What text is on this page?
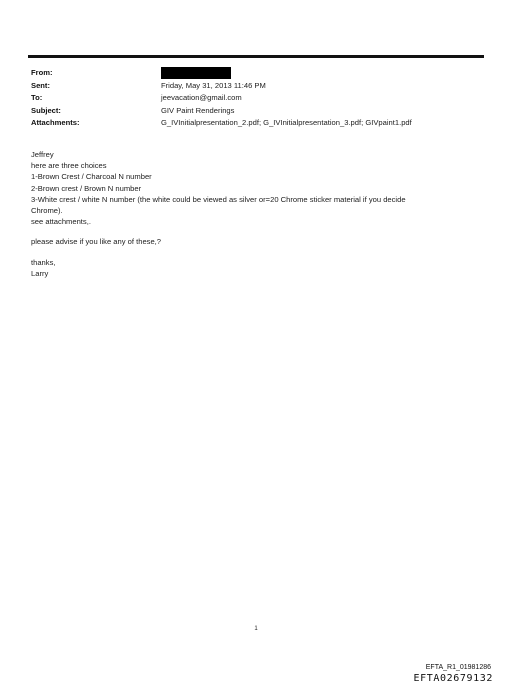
From:
Sent:	Friday, May 31, 2013 11:46 PM
To:	jeevacation@gmail.com
Subject:	GIV Paint Renderings
Attachments:	G_IVInitialpresentation_2.pdf; G_IVInitialpresentation_3.pdf; GIVpaint1.pdf
Jeffrey
here are three choices
1-Brown Crest / Charcoal N number
2-Brown crest / Brown N number
3-White crest / white N number (the white could be viewed as silver or=20 Chrome sticker material if you decide
Chrome).
see attachments,.
please advise if you like any of these,?
thanks,
Larry
1
EFTA_R1_01981286
EFTA02679132
